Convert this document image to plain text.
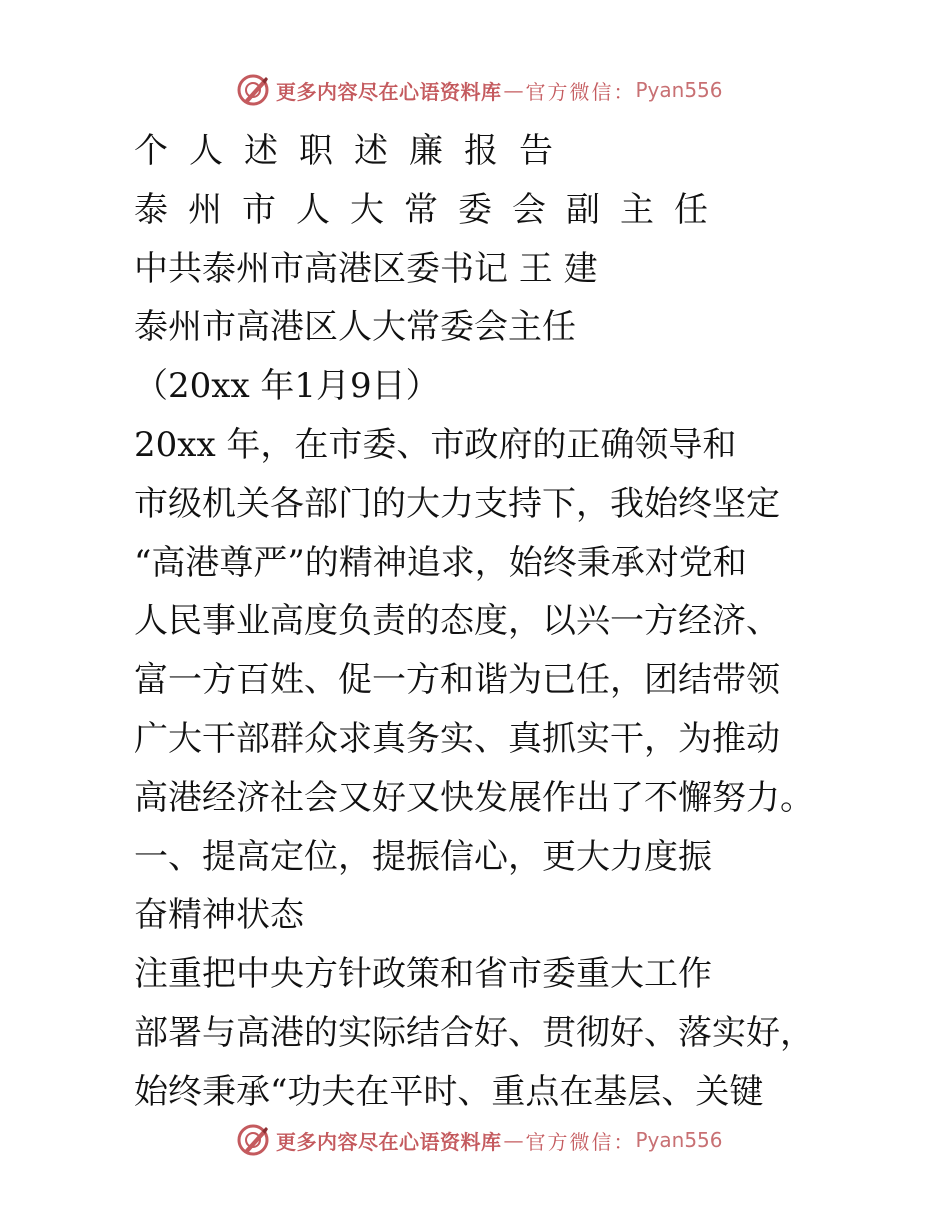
更多内容尽在心语资料库 — 官方微信： Pyan556
个人述职述廉报告
泰州市人大常委会副主任
中共泰州市高港区委书记 王 建
泰州市高港区人大常委会主任
（20xx 年1月9日）
20xx 年，在市委、市政府的正确领导和
市级机关各部门的大力支持下，我始终坚定
“高港尊严”的精神追求，始终秉承对党和
人民事业高度负责的态度，以兴一方经济、
富一方百姓、促一方和谐为已任，团结带领
广大干部群众求真务实、真抓实干，为推动
高港经济社会又好又快发展作出了不懈努力。
一、提高定位，提振信心，更大力度振
奋精神状态
注重把中央方针政策和省市委重大工作
部署与高港的实际结合好、贯彻好、落实好，
始终秉承“功夫在平时、重点在基层、关键
更多内容尽在心语资料库 — 官方微信： Pyan556
